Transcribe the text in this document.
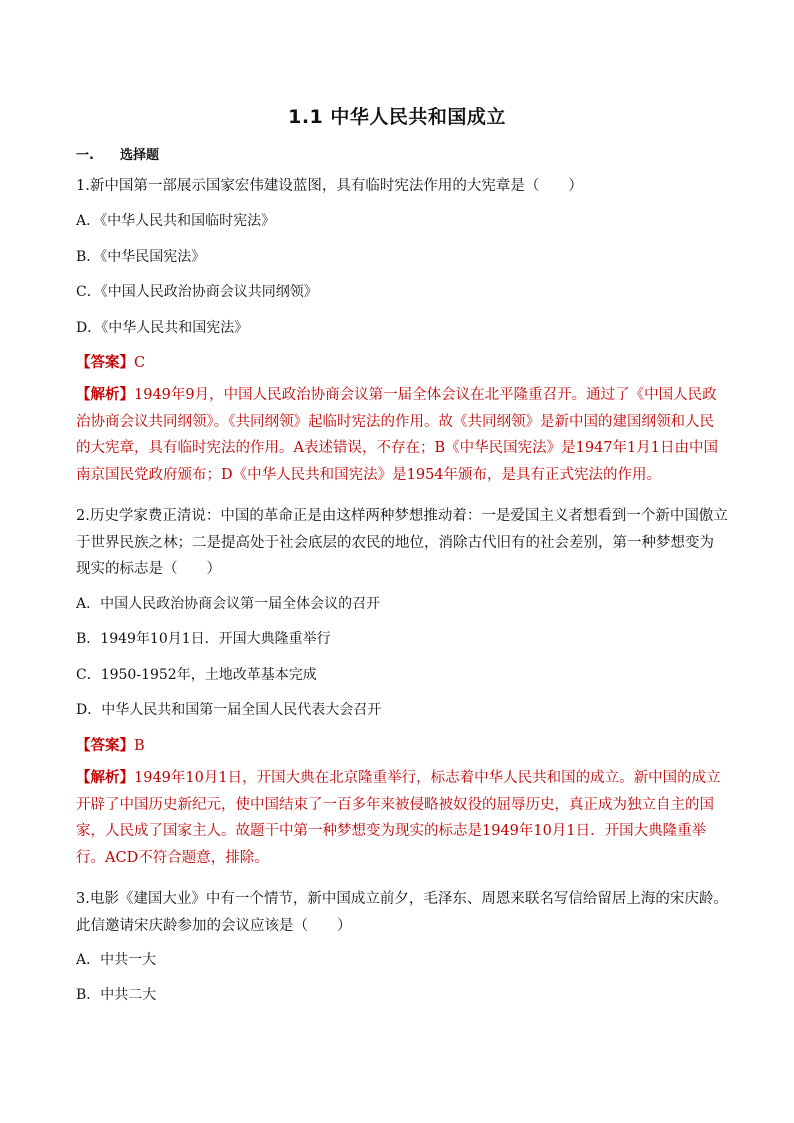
1.1 中华人民共和国成立
一. 选择题
1.新中国第一部展示国家宏伟建设蓝图，具有临时宪法作用的大宪章是（　　）
A．《中华人民共和国临时宪法》
B．《中华民国宪法》
C．《中国人民政治协商会议共同纲领》
D．《中华人民共和国宪法》
【答案】C
【解析】1949年9月，中国人民政治协商会议第一届全体会议在北平隆重召开。通过了《中国人民政治协商会议共同纲领》。《共同纲领》起临时宪法的作用。故《共同纲领》是新中国的建国纲领和人民的大宪章，具有临时宪法的作用。A表述错误，不存在；B《中华民国宪法》是1947年1月1日由中国南京国民党政府颁布；D《中华人民共和国宪法》是1954年颁布，是具有正式宪法的作用。
2.历史学家费正清说：中国的革命正是由这样两种梦想推动着：一是爱国主义者想看到一个新中国傲立于世界民族之林；二是提高处于社会底层的农民的地位，消除古代旧有的社会差别，第一种梦想变为现实的标志是（　　）
A．中国人民政治协商会议第一届全体会议的召开
B．1949年10月1日．开国大典隆重举行
C．1950-1952年，土地改革基本完成
D．中华人民共和国第一届全国人民代表大会召开
【答案】B
【解析】1949年10月1日，开国大典在北京隆重举行，标志着中华人民共和国的成立。新中国的成立开辟了中国历史新纪元，使中国结束了一百多年来被侵略被奴役的屈辱历史，真正成为独立自主的国家，人民成了国家主人。故题干中第一种梦想变为现实的标志是1949年10月1日．开国大典隆重举行。ACD不符合题意，排除。
3.电影《建国大业》中有一个情节，新中国成立前夕，毛泽东、周恩来联名写信给留居上海的宋庆龄。此信邀请宋庆龄参加的会议应该是（　　）
A．中共一大
B．中共二大
